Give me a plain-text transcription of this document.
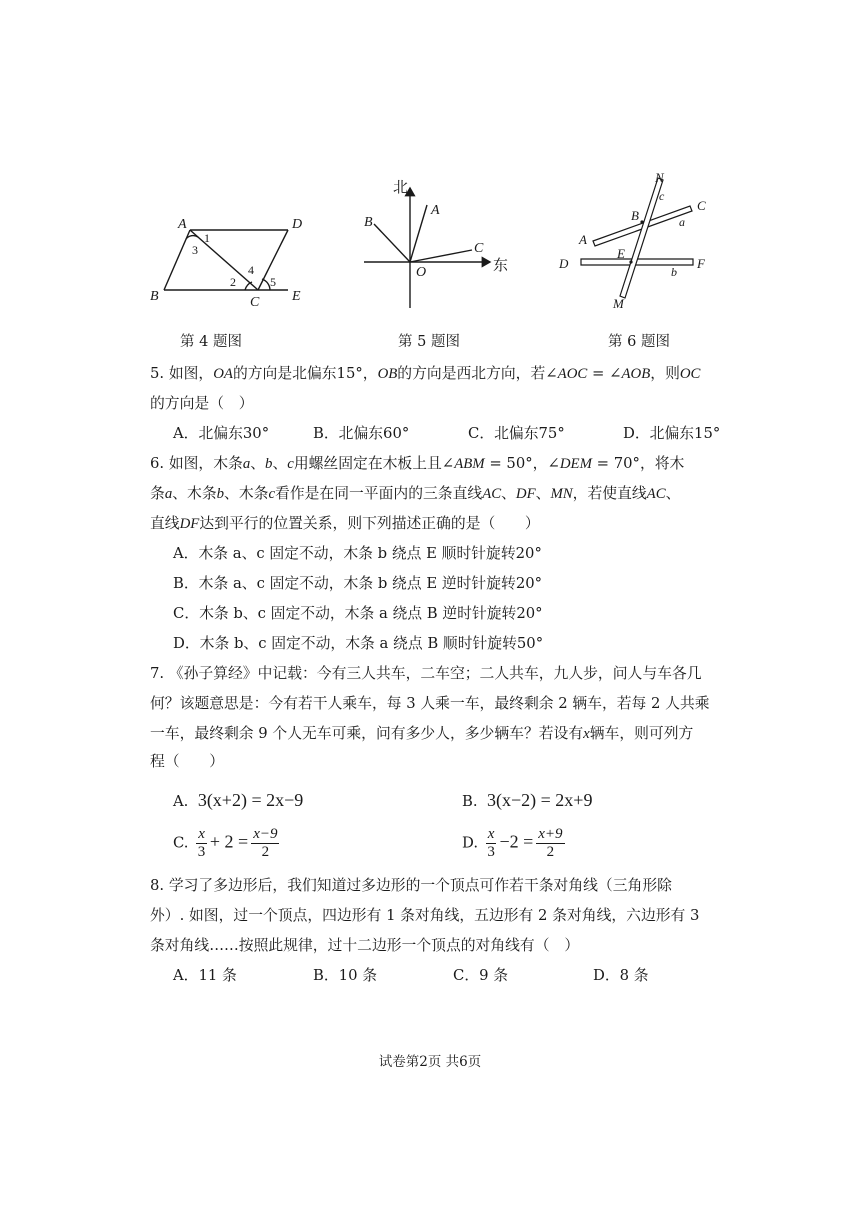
A	D
B	C E
1
3
2
4
5
北
东
A
B
C
O
N
c
B
C
a
A
E
D	F
b
M
第 4 题图	第 5 题图	第 6 题图
5. 如图，OA的方向是北偏东15°，OB的方向是西北方向，若∠AOC = ∠AOB，则OC
的方向是（　）
A．北偏东30°	B．北偏东60°	C．北偏东75°	D．北偏东15°
6. 如图，木条a、b、c用螺丝固定在木板上且∠ABM = 50°，∠DEM = 70°，将木
条a、木条b、木条c看作是在同一平面内的三条直线AC、DF、MN，若使直线AC、
直线DF达到平行的位置关系，则下列描述正确的是（　　）
A．木条 a、c 固定不动，木条 b 绕点 E 顺时针旋转20°
B．木条 a、c 固定不动，木条 b 绕点 E 逆时针旋转20°
C．木条 b、c 固定不动，木条 a 绕点 B 逆时针旋转20°
D．木条 b、c 固定不动，木条 a 绕点 B 顺时针旋转50°
7. 《孙子算经》中记载：今有三人共车，二车空；二人共车，九人步，问人与车各几
何？该题意思是：今有若干人乘车，每 3 人乘一车，最终剩余 2 辆车，若每 2 人共乘
一车，最终剩余 9 个人无车可乘，问有多少人，多少辆车？若设有x辆车，则可列方
程（　　）
A. 3(x+2) = 2x−9	B. 3(x−2) = 2x+9
C. $\frac{x}{3} + 2 = \frac{x-9}{2}$	D. $\frac{x}{3} -2 = \frac{x+9}{2}$
8. 学习了多边形后，我们知道过多边形的一个顶点可作若干条对角线（三角形除
外）. 如图，过一个顶点，四边形有 1 条对角线，五边形有 2 条对角线，六边形有 3
条对角线……按照此规律，过十二边形一个顶点的对角线有（　）
A．11 条	B．10 条	C．9 条	D．8 条
试卷第2页 共6页
